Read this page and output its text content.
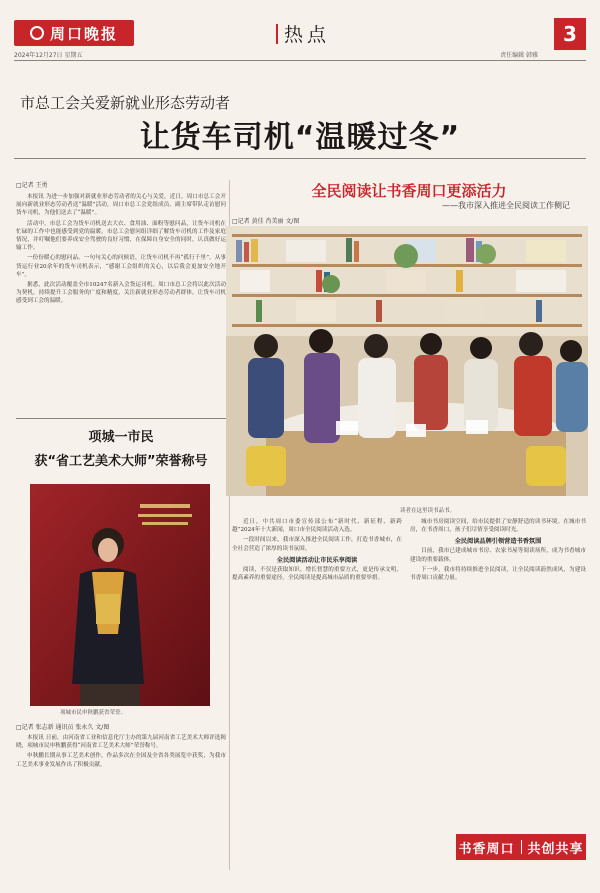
周口晚报	热点	3
2024年12月27日 星期五	责任编辑 韩雅
市总工会关爱新就业形态劳动者
让货车司机“温暖过冬”
□记者 王勇

本报讯 为进一步加强对新就业形态劳动者的关心与关爱，近日，周口市总工会开展向新就业形态劳动者送“温暖”活动，周口市总工会党组成员、副主席带队走访慰问货车司机，为他们送去了“温暖”。

活动中，市总工会为货车司机送去大衣、食用油、面粉等慰问品，让货车司机在忙碌的工作中也能感受到党的温暖。市总工会慰问组详细了解货车司机的工作及家庭情况，并叮嘱他们要养成安全驾驶的良好习惯，在保障自身安全的同时，认真做好运输工作。

一份份暖心的慰问品、一句句关心的问候语，让货车司机不再“孤行千里”。从事货运行业20余年的货车司机表示，“感谢工会组织的关心，以后我会更加安全地开车”。

据悉，此次活动覆盖全市10247名新入会货运司机。周口市总工会将以此次活动为契机，持续提升工会服务的广度和精度，关注新就业形态劳动者群体，让货车司机感受到工会的温暖。

全民阅读让书香周口更添活力
——我市深入推进全民阅读工作侧记
□记者 黄佳 肖美丽 文/图
读者在这里读书品书。
项城一市民
获“省工艺美术大师”荣誉称号
项城市民申秋鹏获省荣誉。
□记者 张志新 通讯员 张永久 文/图

本报讯 日前，由河南省工业和信息化厅主办的第九届河南省工艺美术大师评选揭晓，项城市民申秋鹏获得“河南省工艺美术大师”荣誉称号。

申秋鹏长期从事工艺美术创作，作品多次在全国及全省各类展览中获奖，为我市工艺美术事业发展作出了积极贡献。

近日，中共周口市委宣传部公布“新时代、新征程、新跨越”2024年十大新闻，周口市全民阅读活动入选。

一段时间以来，我市深入推进全民阅读工作，打造书香城市，在全社会营造了浓厚的读书氛围。

全民阅读活动让市民乐享阅读

阅读，不仅是获取知识、增长智慧的重要方式，更是传承文明、提高素养的重要途径。全民阅读是提高城市品质的重要举措。

城市书房阅读空间，给市民提供了安静舒适的读书环境。在城市书房，在书香周口，孩子们尽情享受阅读时光。

全民阅读品牌引领营造书香氛围

目前，我市已建成城市书房、农家书屋等阅读场所，成为书香城市建设的重要载体。

下一步，我市将持续推进全民阅读，让全民阅读蔚然成风，为建设书香周口贡献力量。

书香周口 共创共享
